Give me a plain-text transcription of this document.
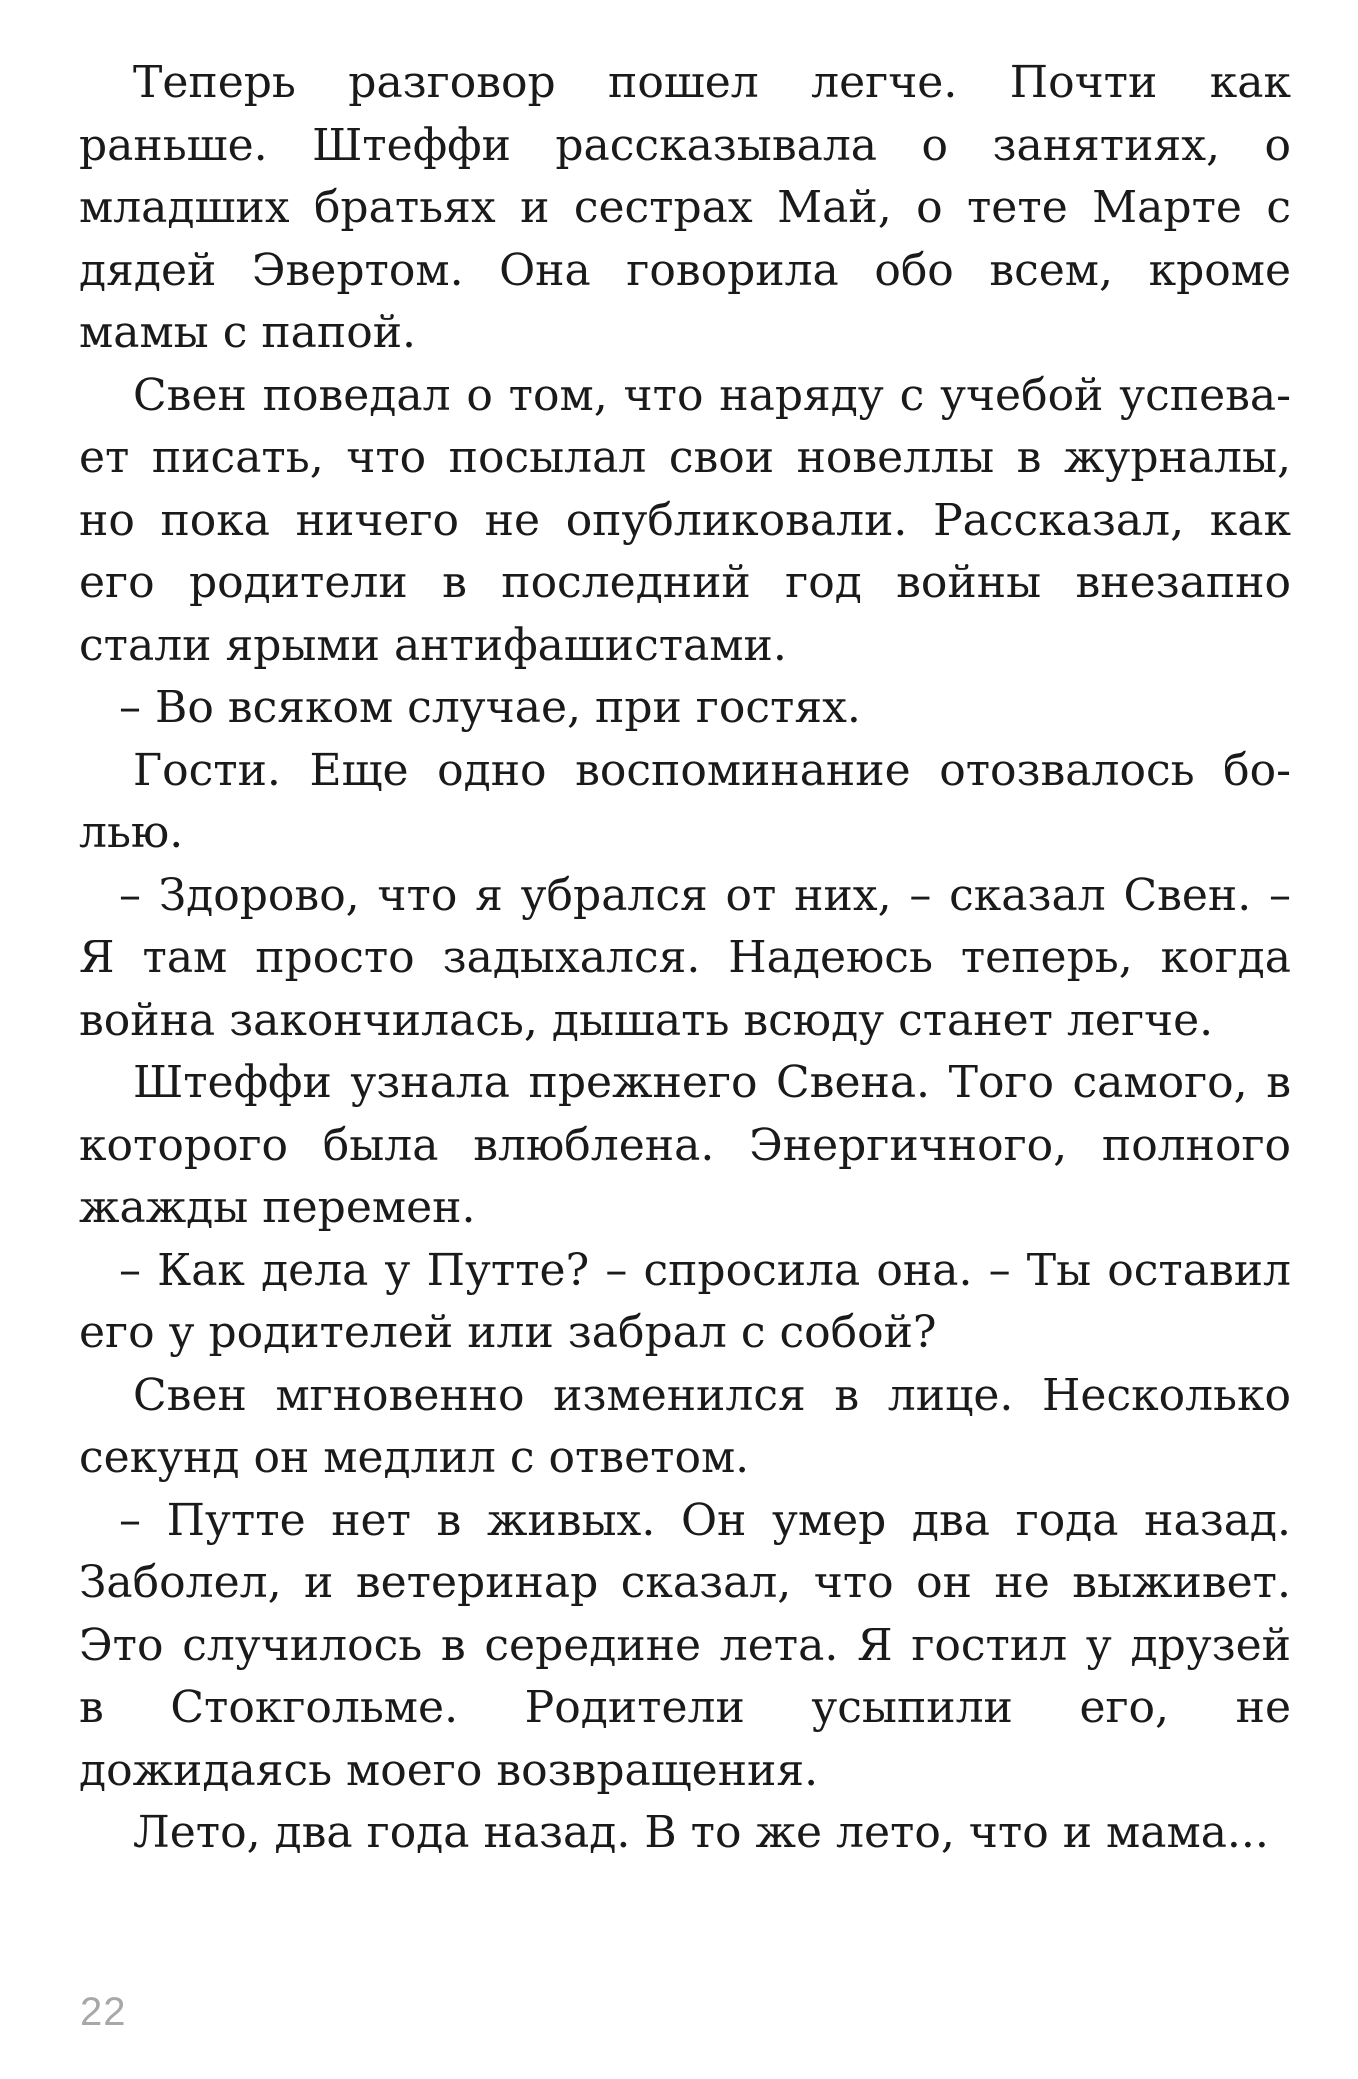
Теперь разговор пошел легче. Почти как раньше. Штеффи рассказывала о занятиях, о младших братьях и сестрах Май, о тете Марте с дядей Эвертом. Она говорила обо всем, кроме мамы с папой.

Свен поведал о том, что наряду с учебой успевает писать, что посылал свои новеллы в журналы, но пока ничего не опубликовали. Рассказал, как его родители в последний год войны внезапно стали ярыми антифашистами.

– Во всяком случае, при гостях.

Гости. Еще одно воспоминание отозвалось болью.

– Здорово, что я убрался от них, – сказал Свен. – Я там просто задыхался. Надеюсь теперь, когда война закончилась, дышать всюду станет легче.

Штеффи узнала прежнего Свена. Того самого, в которого была влюблена. Энергичного, полного жажды перемен.

– Как дела у Путте? – спросила она. – Ты оставил его у родителей или забрал с собой?

Свен мгновенно изменился в лице. Несколько секунд он медлил с ответом.

– Путте нет в живых. Он умер два года назад. Заболел, и ветеринар сказал, что он не выживет. Это случилось в середине лета. Я гостил у друзей в Стокгольме. Родители усыпили его, не дожидаясь моего возвращения.

Лето, два года назад. В то же лето, что и мама...

22
